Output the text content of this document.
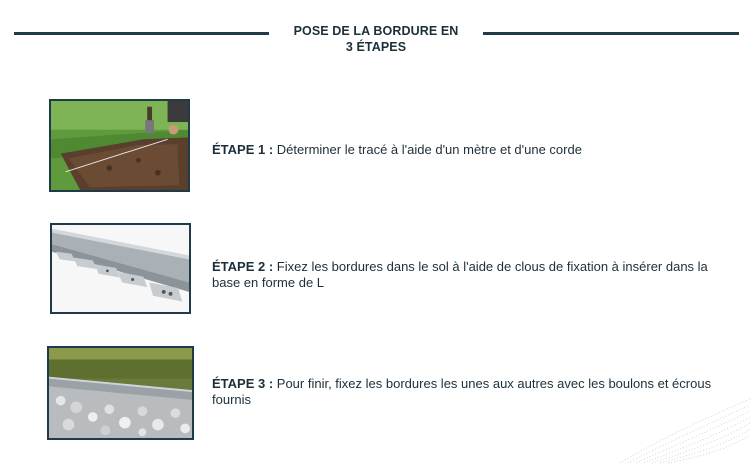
POSE DE LA BORDURE EN
3 ÉTAPES
ÉTAPE 1 : Déterminer le tracé à l'aide d'un mètre et d'une corde
ÉTAPE 2 : Fixez les bordures dans le sol à l'aide de clous de fixation à insérer dans la base en forme de L
ÉTAPE 3 : Pour finir, fixez les bordures les unes aux autres avec les boulons et écrous fournis
